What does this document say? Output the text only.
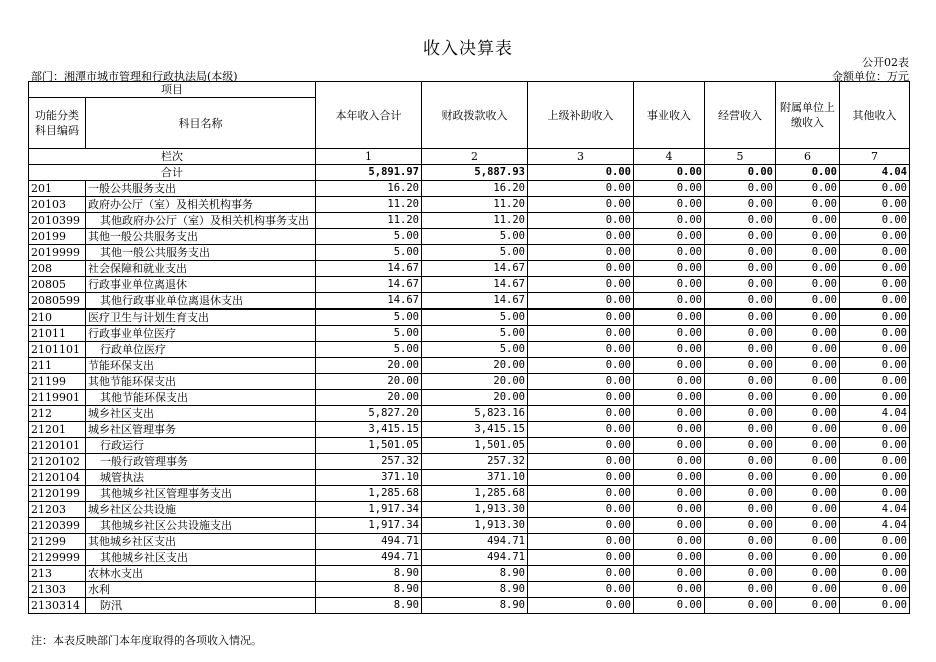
收入决算表
公开02表
部门：湘潭市城市管理和行政执法局(本级)	金额单位：万元
项目		本年收入合计	财政拨款收入	上级补助收入	事业收入	经营收入	附属单位上缴收入	其他收入
功能分类
科目编码	科目名称							
栏次		1	2	3	4	5	6	7
合计		5,891.97	5,887.93	0.00	0.00	0.00	0.00	4.04
201	一般公共服务支出	16.20	16.20	0.00	0.00	0.00	0.00	0.00
20103	政府办公厅（室）及相关机构事务	11.20	11.20	0.00	0.00	0.00	0.00	0.00
2010399	其他政府办公厅（室）及相关机构事务支出	11.20	11.20	0.00	0.00	0.00	0.00	0.00
20199	其他一般公共服务支出	5.00	5.00	0.00	0.00	0.00	0.00	0.00
2019999	其他一般公共服务支出	5.00	5.00	0.00	0.00	0.00	0.00	0.00
208	社会保障和就业支出	14.67	14.67	0.00	0.00	0.00	0.00	0.00
20805	行政事业单位离退休	14.67	14.67	0.00	0.00	0.00	0.00	0.00
2080599	其他行政事业单位离退休支出	14.67	14.67	0.00	0.00	0.00	0.00	0.00
210	医疗卫生与计划生育支出	5.00	5.00	0.00	0.00	0.00	0.00	0.00
21011	行政事业单位医疗	5.00	5.00	0.00	0.00	0.00	0.00	0.00
2101101	行政单位医疗	5.00	5.00	0.00	0.00	0.00	0.00	0.00
211	节能环保支出	20.00	20.00	0.00	0.00	0.00	0.00	0.00
21199	其他节能环保支出	20.00	20.00	0.00	0.00	0.00	0.00	0.00
2119901	其他节能环保支出	20.00	20.00	0.00	0.00	0.00	0.00	0.00
212	城乡社区支出	5,827.20	5,823.16	0.00	0.00	0.00	0.00	4.04
21201	城乡社区管理事务	3,415.15	3,415.15	0.00	0.00	0.00	0.00	0.00
2120101	行政运行	1,501.05	1,501.05	0.00	0.00	0.00	0.00	0.00
2120102	一般行政管理事务	257.32	257.32	0.00	0.00	0.00	0.00	0.00
2120104	城管执法	371.10	371.10	0.00	0.00	0.00	0.00	0.00
2120199	其他城乡社区管理事务支出	1,285.68	1,285.68	0.00	0.00	0.00	0.00	0.00
21203	城乡社区公共设施	1,917.34	1,913.30	0.00	0.00	0.00	0.00	4.04
2120399	其他城乡社区公共设施支出	1,917.34	1,913.30	0.00	0.00	0.00	0.00	4.04
21299	其他城乡社区支出	494.71	494.71	0.00	0.00	0.00	0.00	0.00
2129999	其他城乡社区支出	494.71	494.71	0.00	0.00	0.00	0.00	0.00
213	农林水支出	8.90	8.90	0.00	0.00	0.00	0.00	0.00
21303	水利	8.90	8.90	0.00	0.00	0.00	0.00	0.00
2130314	防汛	8.90	8.90	0.00	0.00	0.00	0.00	0.00
注：本表反映部门本年度取得的各项收入情况。
